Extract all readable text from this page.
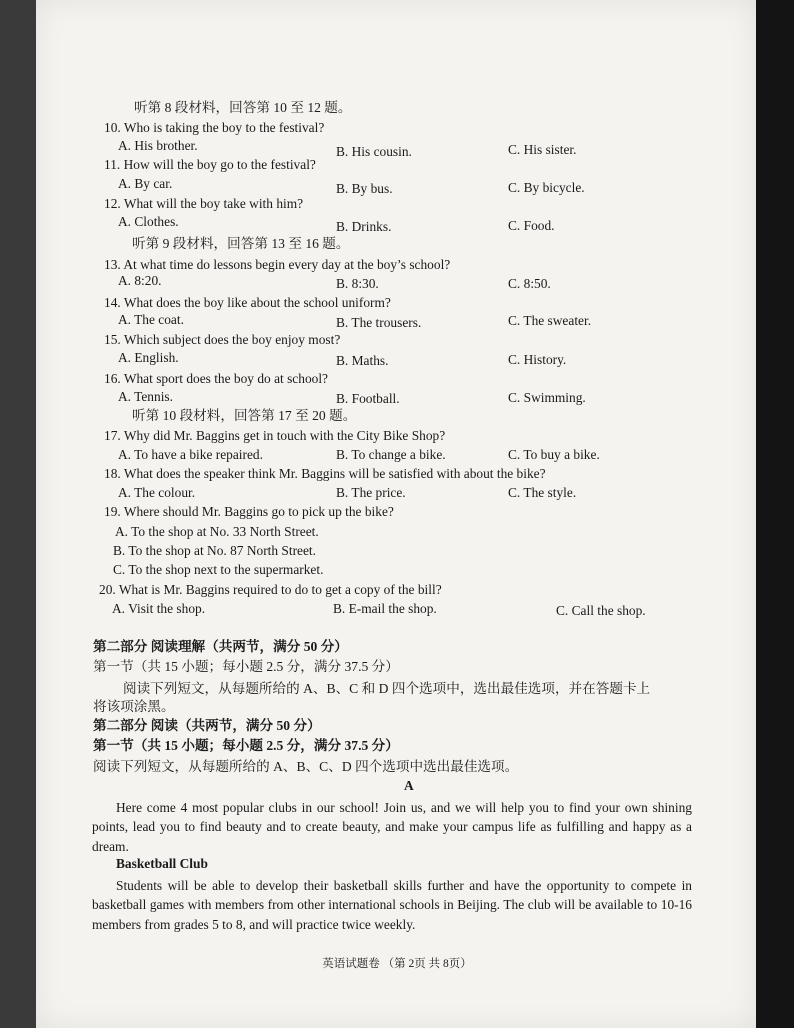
听第 8 段材料，回答第 10 至 12 题。
10. Who is taking the boy to the festival?
A. His brother.	B. His cousin.	C. His sister.
11. How will the boy go to the festival?
A. By car.	B. By bus.	C. By bicycle.
12. What will the boy take with him?
A. Clothes.	B. Drinks.	C. Food.
听第 9 段材料，回答第 13 至 16 题。
13. At what time do lessons begin every day at the boy’s school?
A. 8:20.	B. 8:30.	C. 8:50.
14. What does the boy like about the school uniform?
A. The coat.	B. The trousers.	C. The sweater.
15. Which subject does the boy enjoy most?
A. English.	B. Maths.	C. History.
16. What sport does the boy do at school?
A. Tennis.	B. Football.	C. Swimming.
听第 10 段材料，回答第 17 至 20 题。
17. Why did Mr. Baggins get in touch with the City Bike Shop?
A. To have a bike repaired.	B. To change a bike.	C. To buy a bike.
18. What does the speaker think Mr. Baggins will be satisfied with about the bike?
A. The colour.	B. The price.	C. The style.
19. Where should Mr. Baggins go to pick up the bike?
A. To the shop at No. 33 North Street.
B. To the shop at No. 87 North Street.
C. To the shop next to the supermarket.
20. What is Mr. Baggins required to do to get a copy of the bill?
A. Visit the shop.	B. E-mail the shop.	C. Call the shop.
第二部分 阅读理解（共两节，满分 50 分）
第一节（共 15 小题；每小题 2.5 分，满分 37.5 分）
阅读下列短文，从每题所给的 A、B、C 和 D 四个选项中，选出最佳选项，并在答题卡上
将该项涂黑。
第二部分 阅读（共两节，满分 50 分）
第一节（共 15 小题；每小题 2.5 分，满分 37.5 分）
阅读下列短文，从每题所给的 A、B、C、D 四个选项中选出最佳选项。
A
Here come 4 most popular clubs in our school! Join us, and we will help you to find your own shining points, lead you to find beauty and to create beauty, and make your campus life as fulfilling and happy as a dream.
Basketball Club
Students will be able to develop their basketball skills further and have the opportunity to compete in basketball games with members from other international schools in Beijing. The club will be available to 10-16 members from grades 5 to 8, and will practice twice weekly.
英语试题卷 （第 2页 共 8页）
